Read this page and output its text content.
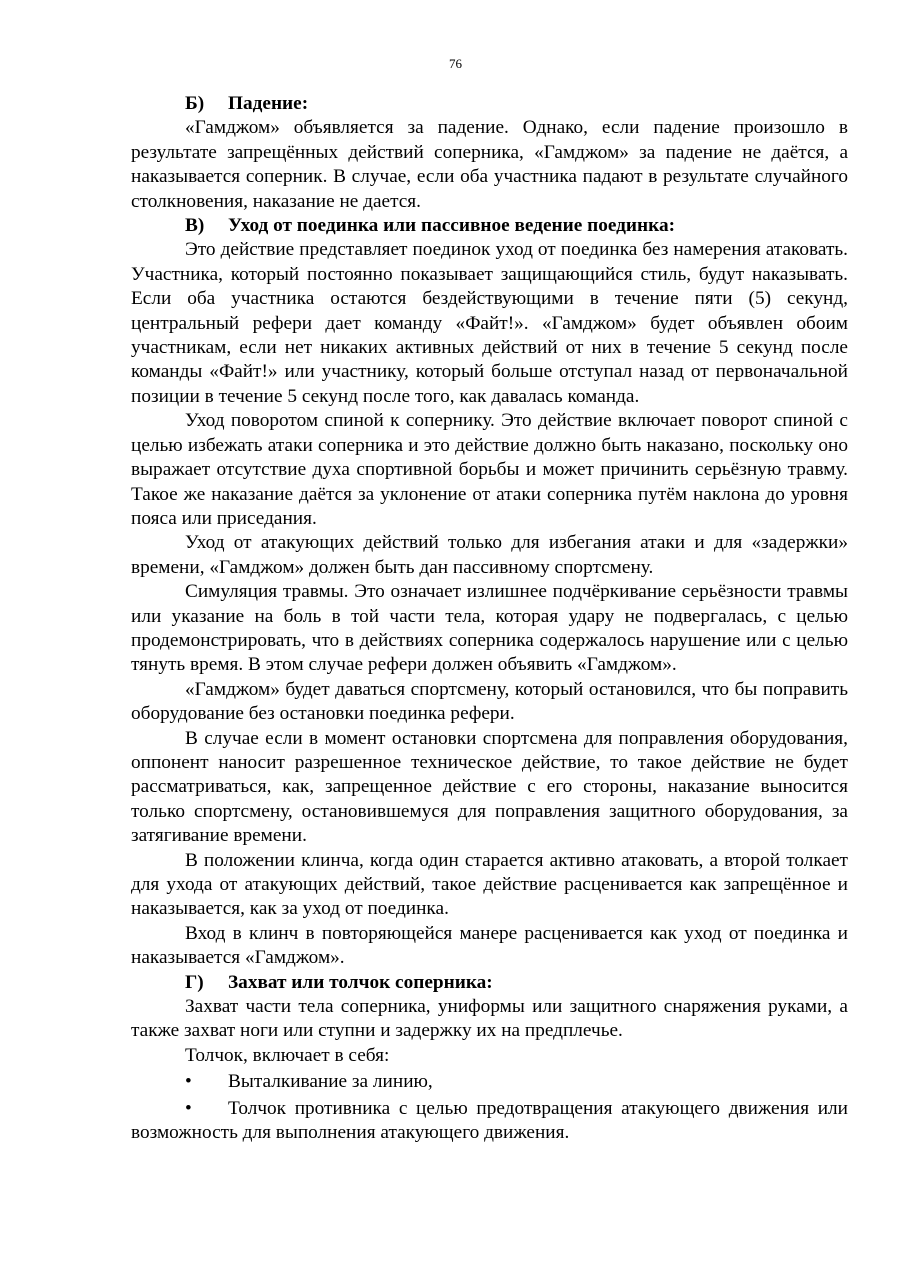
76
Б) Падение:

«Гамджом» объявляется за падение. Однако, если падение произошло в результате запрещённых действий соперника, «Гамджом» за падение не даётся, а наказывается соперник. В случае, если оба участника падают в результате случайного столкновения, наказание не дается.

В) Уход от поединка или пассивное ведение поединка:

Это действие представляет поединок уход от поединка без намерения атаковать. Участника, который постоянно показывает защищающийся стиль, будут наказывать. Если оба участника остаются бездействующими в течение пяти (5) секунд, центральный рефери дает команду «Файт!». «Гамджом» будет объявлен обоим участникам, если нет никаких активных действий от них в течение 5 секунд после команды «Файт!» или участнику, который больше отступал назад от первоначальной позиции в течение 5 секунд после того, как давалась команда.

Уход поворотом спиной к сопернику. Это действие включает поворот спиной с целью избежать атаки соперника и это действие должно быть наказано, поскольку оно выражает отсутствие духа спортивной борьбы и может причинить серьёзную травму. Такое же наказание даётся за уклонение от атаки соперника путём наклона до уровня пояса или приседания.

Уход от атакующих действий только для избегания атаки и для «задержки» времени, «Гамджом» должен быть дан пассивному спортсмену.

Симуляция травмы. Это означает излишнее подчёркивание серьёзности травмы или указание на боль в той части тела, которая удару не подвергалась, с целью продемонстрировать, что в действиях соперника содержалось нарушение или с целью тянуть время. В этом случае рефери должен объявить «Гамджом».

«Гамджом» будет даваться спортсмену, который остановился, что бы поправить оборудование без остановки поединка рефери.

В случае если в момент остановки спортсмена для поправления оборудования, оппонент наносит разрешенное техническое действие, то такое действие не будет рассматриваться, как, запрещенное действие с его стороны, наказание выносится только спортсмену, остановившемуся для поправления защитного оборудования, за затягивание времени.

В положении клинча, когда один старается активно атаковать, а второй толкает для ухода от атакующих действий, такое действие расценивается как запрещённое и наказывается, как за уход от поединка.

Вход в клинч в повторяющейся манере расценивается как уход от поединка и наказывается «Гамджом».

Г) Захват или толчок соперника:

Захват части тела соперника, униформы или защитного снаряжения руками, а также захват ноги или ступни и задержку их на предплечье.

Толчок, включает в себя:

• Выталкивание за линию,

• Толчок противника с целью предотвращения атакующего движения или возможность для выполнения атакующего движения.
